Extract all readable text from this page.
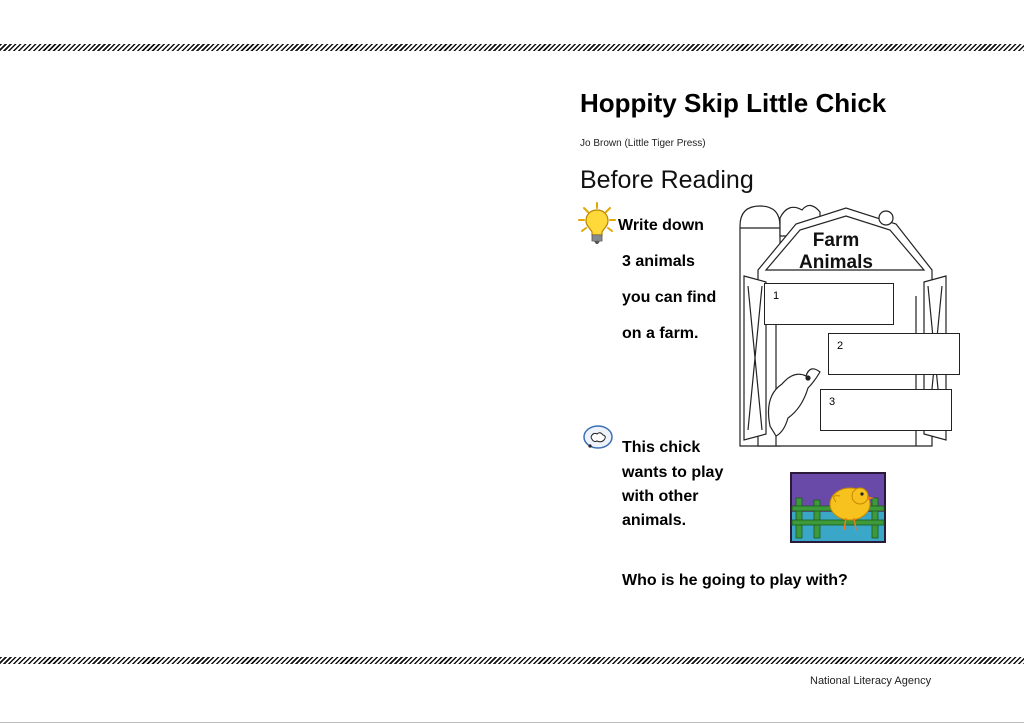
Hoppity Skip Little Chick
Jo Brown (Little Tiger Press)
Before Reading
Write down
3 animals
you can find
on a farm.
Farm
Animals
1
2
3
This chick
wants to play
with other
animals.
Who is he going to play with?
National Literacy Agency
